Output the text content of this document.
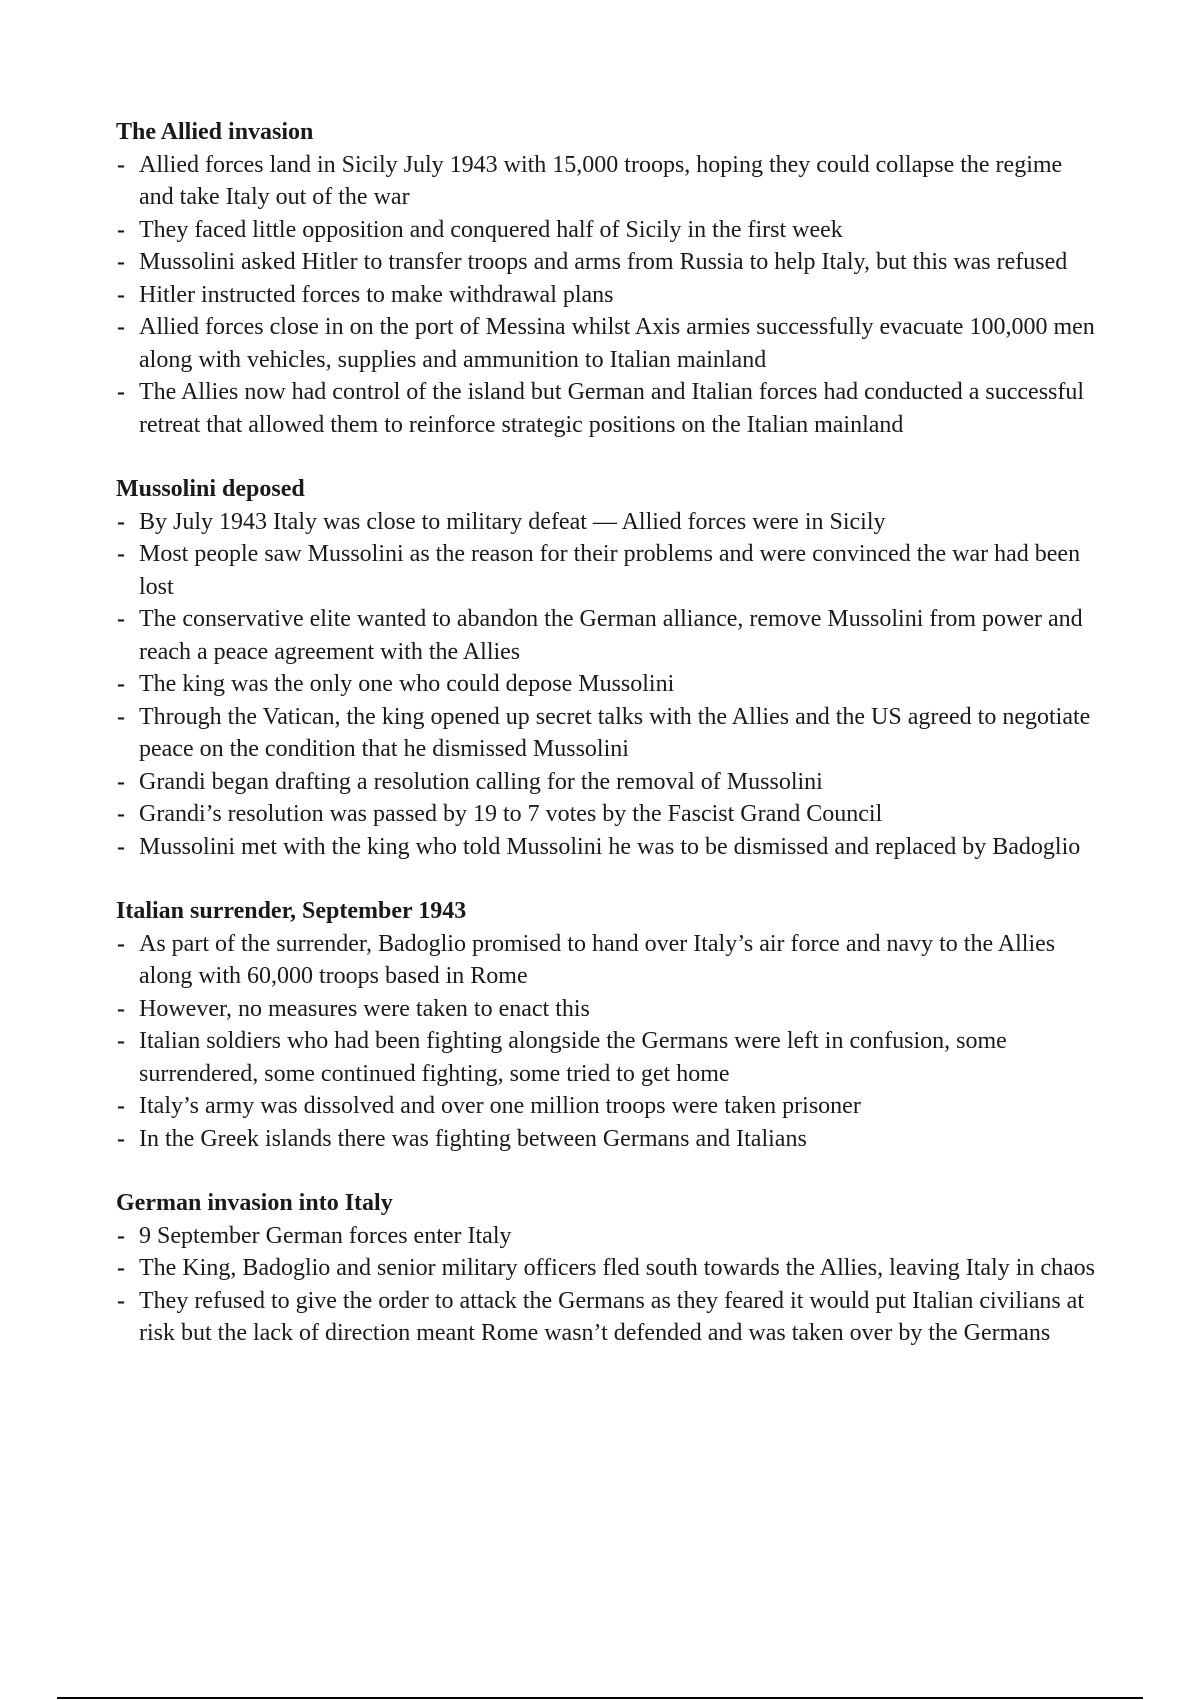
The Allied invasion
- Allied forces land in Sicily July 1943 with 15,000 troops, hoping they could collapse the regime and take Italy out of the war
- They faced little opposition and conquered half of Sicily in the first week
- Mussolini asked Hitler to transfer troops and arms from Russia to help Italy, but this was refused
- Hitler instructed forces to make withdrawal plans
- Allied forces close in on the port of Messina whilst Axis armies successfully evacuate 100,000 men along with vehicles, supplies and ammunition to Italian mainland
- The Allies now had control of the island but German and Italian forces had conducted a successful retreat that allowed them to reinforce strategic positions on the Italian mainland
Mussolini deposed
- By July 1943 Italy was close to military defeat — Allied forces were in Sicily
- Most people saw Mussolini as the reason for their problems and were convinced the war had been lost
- The conservative elite wanted to abandon the German alliance, remove Mussolini from power and reach a peace agreement with the Allies
- The king was the only one who could depose Mussolini
- Through the Vatican, the king opened up secret talks with the Allies and the US agreed to negotiate peace on the condition that he dismissed Mussolini
- Grandi began drafting a resolution calling for the removal of Mussolini
- Grandi’s resolution was passed by 19 to 7 votes by the Fascist Grand Council
- Mussolini met with the king who told Mussolini he was to be dismissed and replaced by Badoglio
Italian surrender, September 1943
- As part of the surrender, Badoglio promised to hand over Italy’s air force and navy to the Allies along with 60,000 troops based in Rome
- However, no measures were taken to enact this
- Italian soldiers who had been fighting alongside the Germans were left in confusion, some surrendered, some continued fighting, some tried to get home
- Italy’s army was dissolved and over one million troops were taken prisoner
- In the Greek islands there was fighting between Germans and Italians
German invasion into Italy
- 9 September German forces enter Italy
- The King, Badoglio and senior military officers fled south towards the Allies, leaving Italy in chaos
- They refused to give the order to attack the Germans as they feared it would put Italian civilians at risk but the lack of direction meant Rome wasn’t defended and was taken over by the Germans
